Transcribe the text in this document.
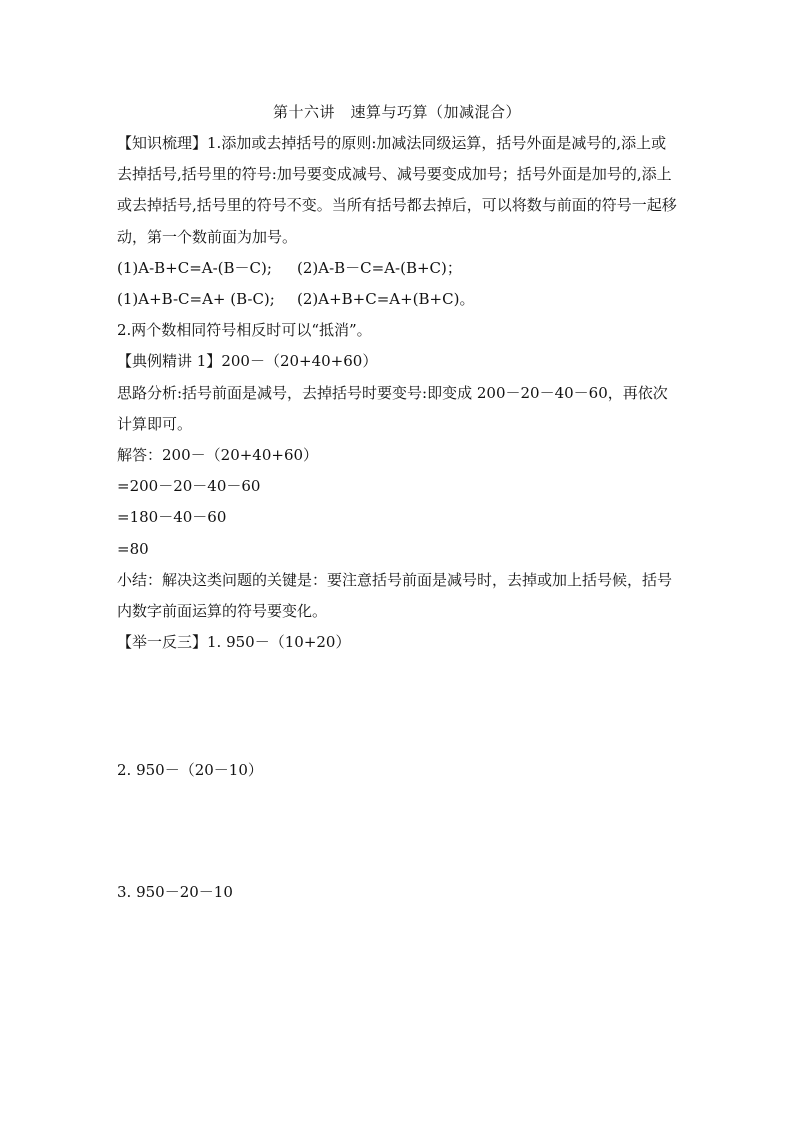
第十六讲　速算与巧算（加减混合）

【知识梳理】1.添加或去掉括号的原则:加减法同级运算，括号外面是减号的,添上或去掉括号,括号里的符号:加号要变成减号、减号要变成加号；括号外面是加号的,添上或去掉括号,括号里的符号不变。当所有括号都去掉后，可以将数与前面的符号一起移动，第一个数前面为加号。

(1)A-B+C=A-(B－C); (2)A-B－C=A-(B+C)；

(1)A+B-C=A+ (B-C); (2)A+B+C=A+(B+C)。

2.两个数相同符号相反时可以“抵消”。

【典例精讲 1】200－（20+40+60）

思路分析:括号前面是减号，去掉括号时要变号:即变成 200－20－40－60，再依次计算即可。

解答：200－（20+40+60）

=200－20－40－60

=180－40－60

=80

小结：解决这类问题的关键是：要注意括号前面是减号时，去掉或加上括号候，括号内数字前面运算的符号要变化。

【举一反三】1. 950－（10+20）

2. 950－（20－10）
3. 950－20－10
